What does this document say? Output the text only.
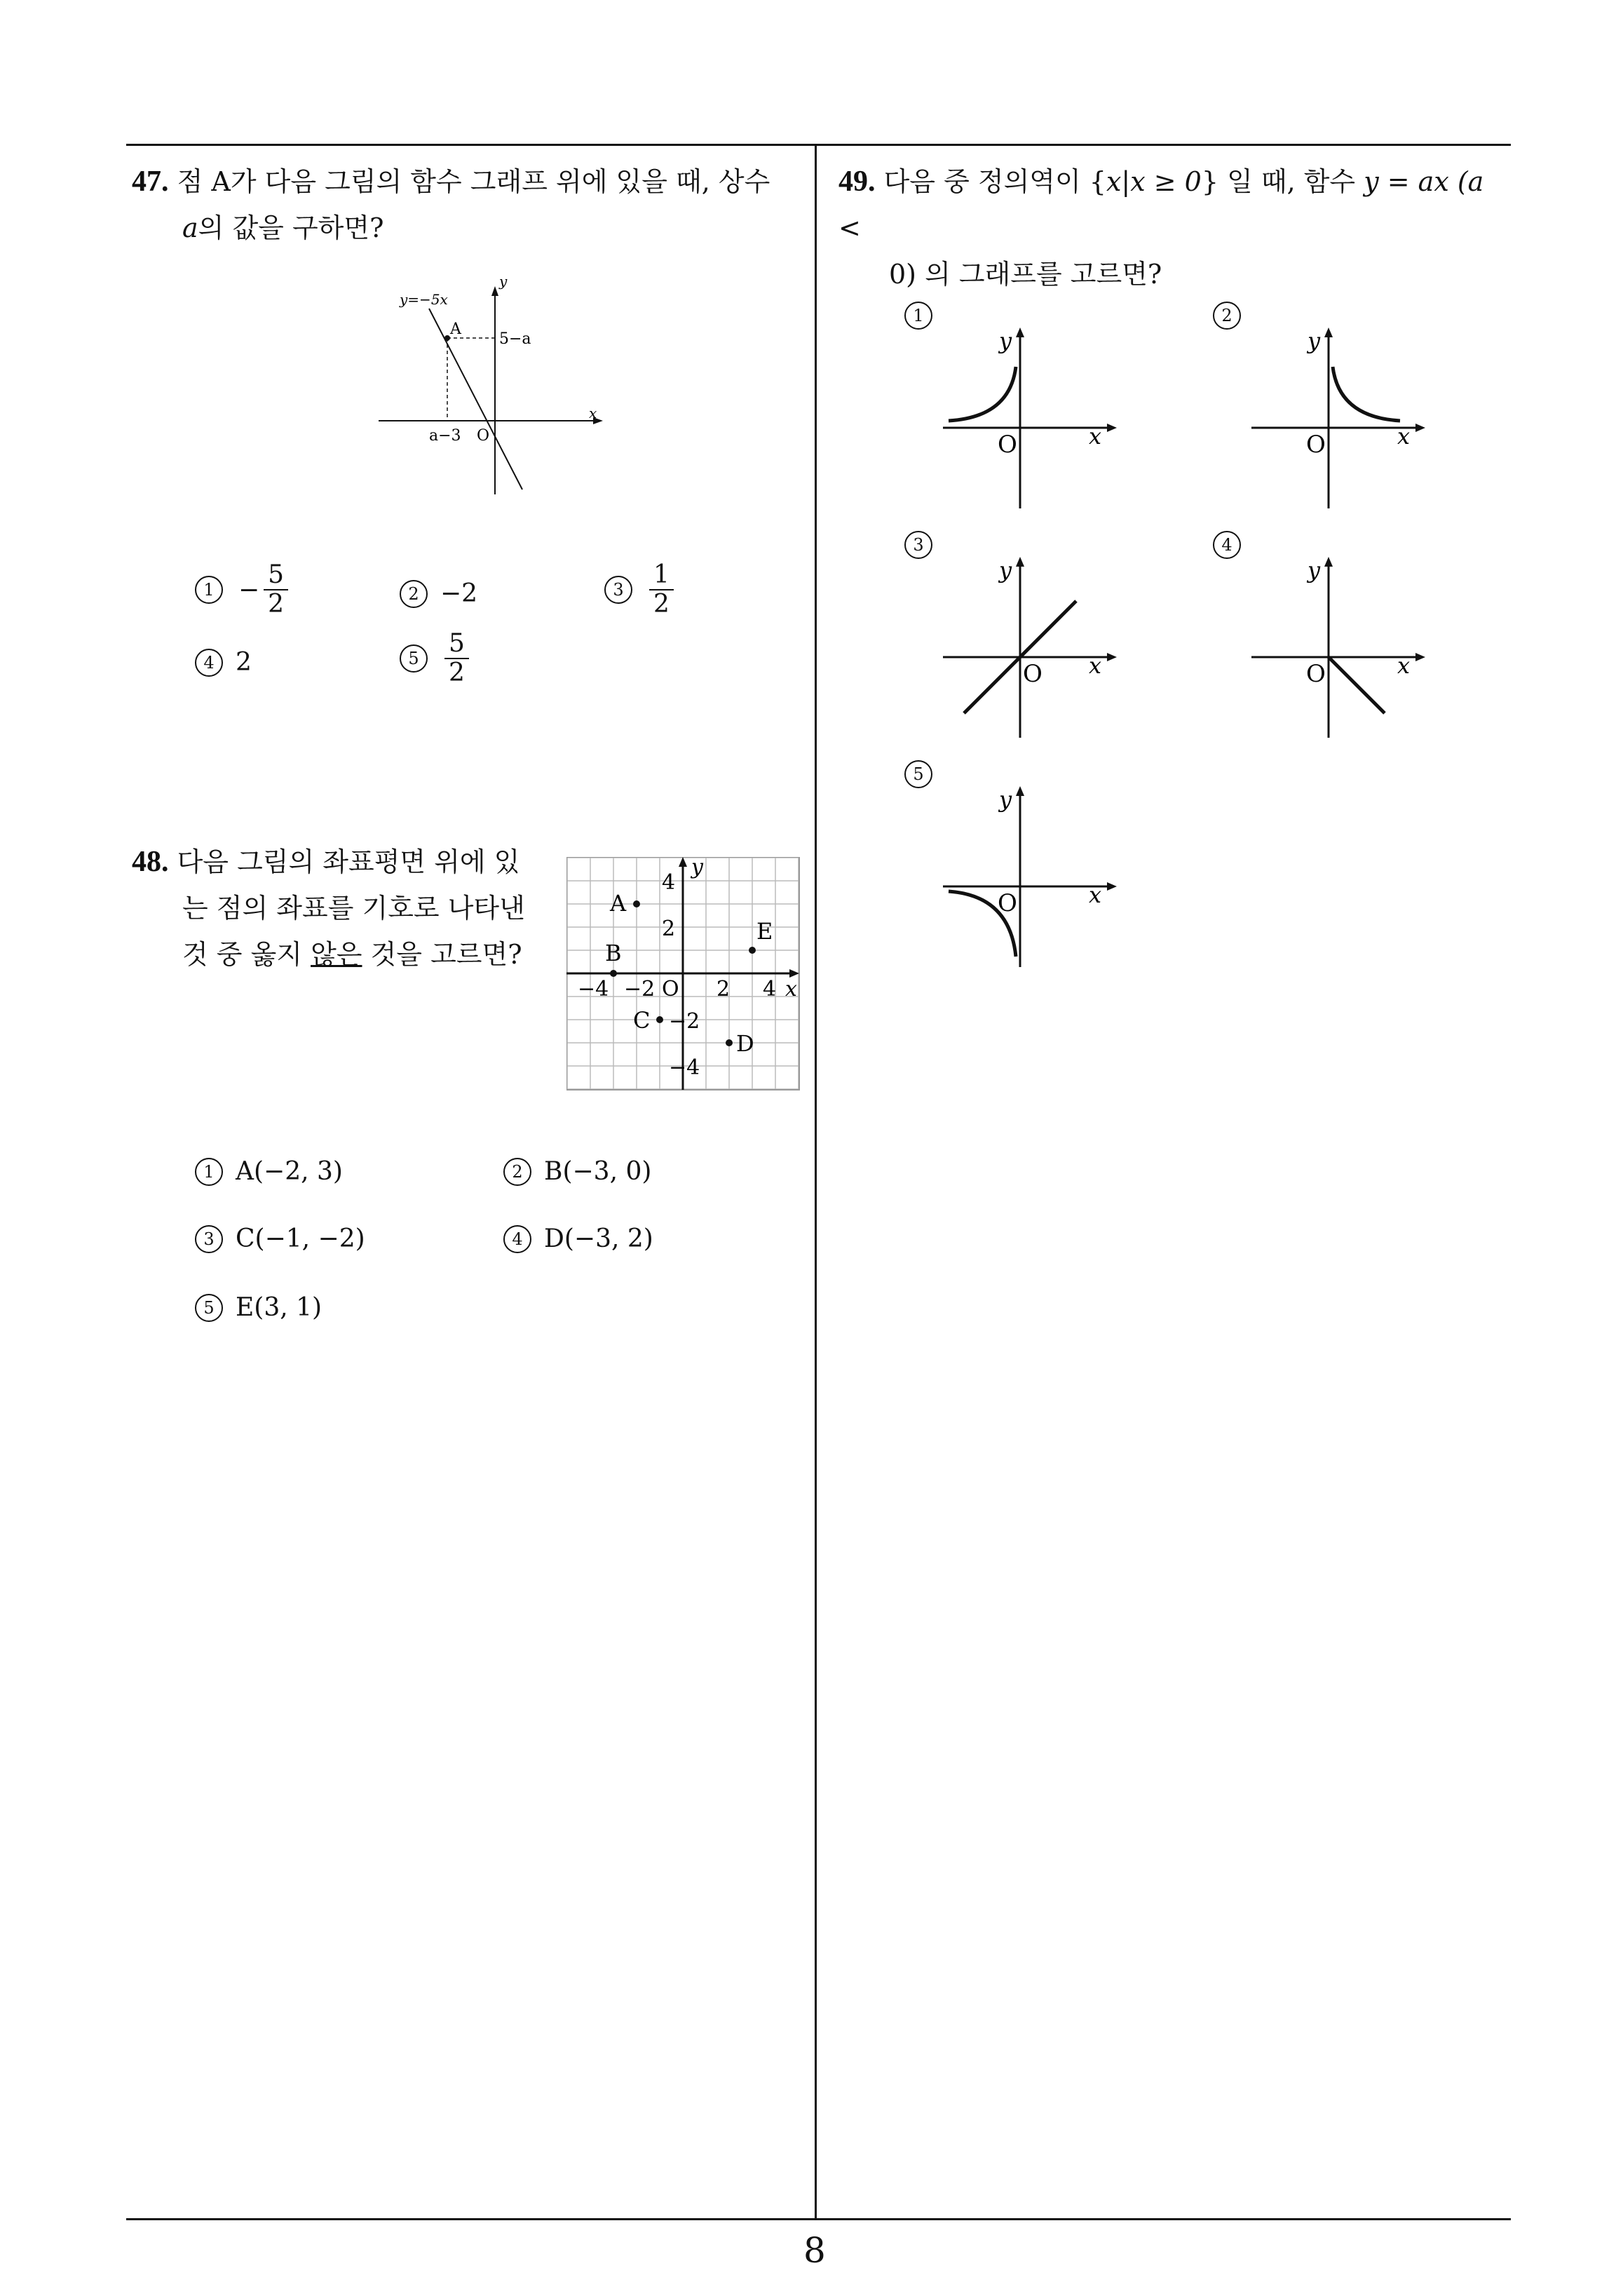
47. 점 A가 다음 그림의 함수 그래프 위에 있을 때, 상수
a의 값을 구하면?
y=−5x
A
5−a
a−3 O
x
y
$1 - \frac{5}{2}$	2 −2	3	$\frac{1}{2}$
4 2	5	$\frac{5}{2}$
48. 다음 그림의 좌표평면 위에 있
는 점의 좌표를 기호로 나타낸
것 중 옳지 않은 것을 고르면?
−4 −2	2 4
4
2
−2
−4
O	x
y
A
B
C
D
E
1 A(−2, 3)	2 B(−3, 0)
3 C(−1, −2)	4 D(−3, 2)
5 E(3, 1)
49. 다음 중 정의역이 {x|x ≥ 0} 일 때, 함수 y = ax (a <
0) 의 그래프를 고르면?
1
O	x
y
2
O	x
y
3
O x
y
4
O	x
y
5
O	x
y
8
